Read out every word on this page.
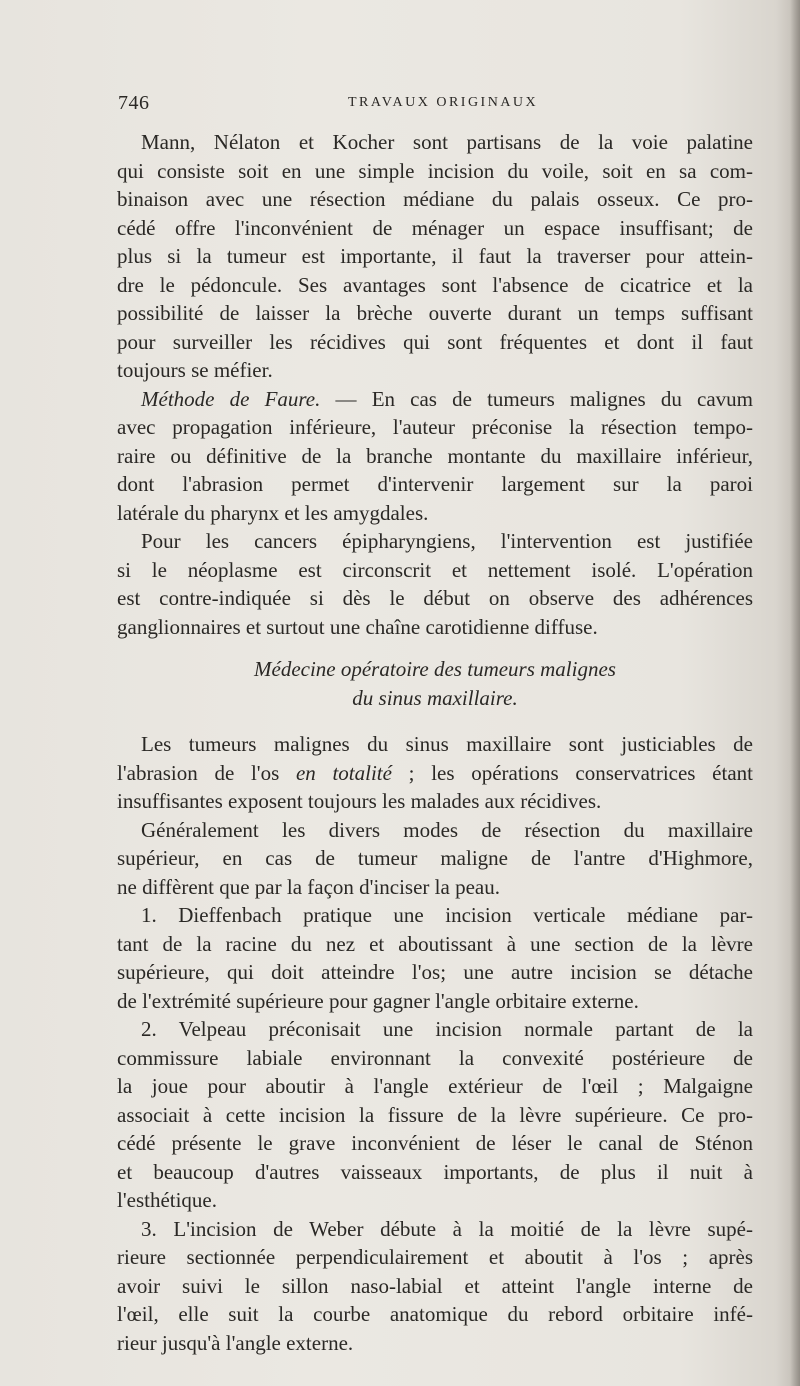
746	TRAVAUX ORIGINAUX
Mann, Nélaton et Kocher sont partisans de la voie palatine
qui consiste soit en une simple incision du voile, soit en sa com-
binaison avec une résection médiane du palais osseux. Ce pro-
cédé offre l'inconvénient de ménager un espace insuffisant; de
plus si la tumeur est importante, il faut la traverser pour attein-
dre le pédoncule. Ses avantages sont l'absence de cicatrice et la
possibilité de laisser la brèche ouverte durant un temps suffisant
pour surveiller les récidives qui sont fréquentes et dont il faut
toujours se méfier.
Méthode de Faure. — En cas de tumeurs malignes du cavum
avec propagation inférieure, l'auteur préconise la résection tempo-
raire ou définitive de la branche montante du maxillaire inférieur,
dont l'abrasion permet d'intervenir largement sur la paroi
latérale du pharynx et les amygdales.
Pour les cancers épipharyngiens, l'intervention est justifiée
si le néoplasme est circonscrit et nettement isolé. L'opération
est contre-indiquée si dès le début on observe des adhérences
ganglionnaires et surtout une chaîne carotidienne diffuse.
Médecine opératoire des tumeurs malignes
du sinus maxillaire.
Les tumeurs malignes du sinus maxillaire sont justiciables de
l'abrasion de l'os en totalité ; les opérations conservatrices étant
insuffisantes exposent toujours les malades aux récidives.
Généralement les divers modes de résection du maxillaire
supérieur, en cas de tumeur maligne de l'antre d'Highmore,
ne diffèrent que par la façon d'inciser la peau.
1. Dieffenbach pratique une incision verticale médiane par-
tant de la racine du nez et aboutissant à une section de la lèvre
supérieure, qui doit atteindre l'os; une autre incision se détache
de l'extrémité supérieure pour gagner l'angle orbitaire externe.
2. Velpeau préconisait une incision normale partant de la
commissure labiale environnant la convexité postérieure de
la joue pour aboutir à l'angle extérieur de l'œil ; Malgaigne
associait à cette incision la fissure de la lèvre supérieure. Ce pro-
cédé présente le grave inconvénient de léser le canal de Sténon
et beaucoup d'autres vaisseaux importants, de plus il nuit à
l'esthétique.
3. L'incision de Weber débute à la moitié de la lèvre supé-
rieure sectionnée perpendiculairement et aboutit à l'os ; après
avoir suivi le sillon naso-labial et atteint l'angle interne de
l'œil, elle suit la courbe anatomique du rebord orbitaire infé-
rieur jusqu'à l'angle externe.
